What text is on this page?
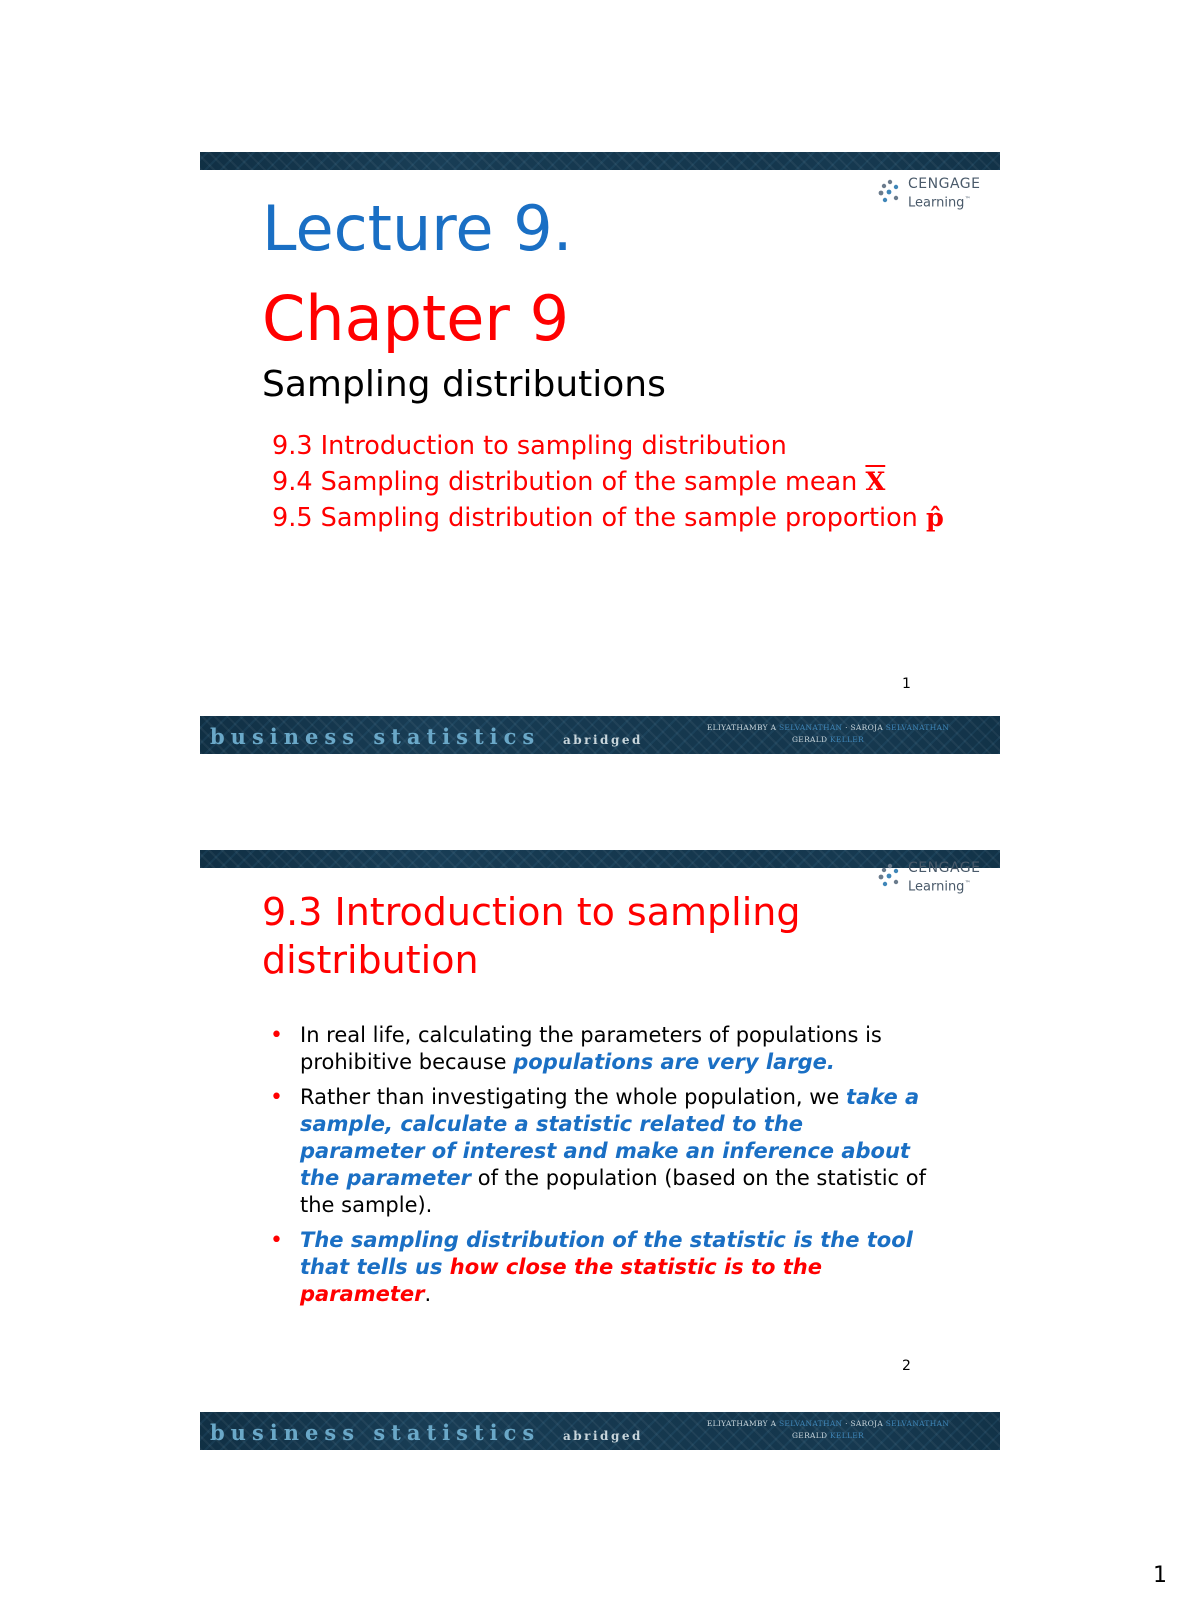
CENGAGE
Learning™
Lecture 9.
Chapter 9
Sampling distributions
9.3 Introduction to sampling distribution
9.4 Sampling distribution of the sample mean $\overline{X}$
9.5 Sampling distribution of the sample proportion p̂
1
business statistics abridged
ELIYATHAMBY A SELVANATHAN · SAROJA SELVANATHAN
GERALD KELLER
CENGAGE
Learning™
9.3 Introduction to sampling distribution
• In real life, calculating the parameters of populations is prohibitive because populations are very large.
• Rather than investigating the whole population, we take a sample, calculate a statistic related to the parameter of interest and make an inference about the parameter of the population (based on the statistic of the sample).
• The sampling distribution of the statistic is the tool that tells us how close the statistic is to the parameter.
2
business statistics abridged
ELIYATHAMBY A SELVANATHAN · SAROJA SELVANATHAN
GERALD KELLER
1
